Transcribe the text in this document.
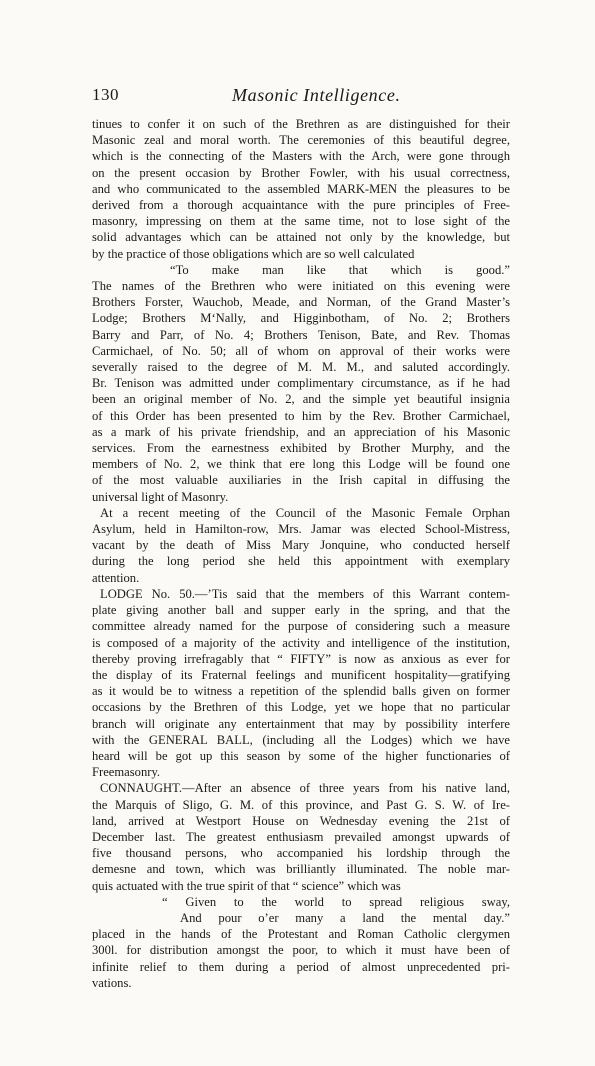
130	Masonic Intelligence.

tinues to confer it on such of the Brethren as are distinguished for their

Masonic zeal and moral worth. The ceremonies of this beautiful degree,

which is the connecting of the Masters with the Arch, were gone through

on the present occasion by Brother Fowler, with his usual correctness,

and who communicated to the assembled MARK-MEN the pleasures to be

derived from a thorough acquaintance with the pure principles of Free-

masonry, impressing on them at the same time, not to lose sight of the

solid advantages which can be attained not only by the knowledge, but

by the practice of those obligations which are so well calculated

“To make man like that which is good.”

The names of the Brethren who were initiated on this evening were

Brothers Forster, Wauchob, Meade, and Norman, of the Grand Master’s

Lodge; Brothers M‘Nally, and Higginbotham, of No. 2; Brothers

Barry and Parr, of No. 4; Brothers Tenison, Bate, and Rev. Thomas

Carmichael, of No. 50; all of whom on approval of their works were

severally raised to the degree of M. M. M., and saluted accordingly.

Br. Tenison was admitted under complimentary circumstance, as if he had

been an original member of No. 2, and the simple yet beautiful insignia

of this Order has been presented to him by the Rev. Brother Carmichael,

as a mark of his private friendship, and an appreciation of his Masonic

services. From the earnestness exhibited by Brother Murphy, and the

members of No. 2, we think that ere long this Lodge will be found one

of the most valuable auxiliaries in the Irish capital in diffusing the

universal light of Masonry.

At a recent meeting of the Council of the Masonic Female Orphan

Asylum, held in Hamilton-row, Mrs. Jamar was elected School-Mistress,

vacant by the death of Miss Mary Jonquine, who conducted herself

during the long period she held this appointment with exemplary

attention.

LODGE No. 50.—’Tis said that the members of this Warrant contem-

plate giving another ball and supper early in the spring, and that the

committee already named for the purpose of considering such a measure

is composed of a majority of the activity and intelligence of the institution,

thereby proving irrefragably that “ FIFTY” is now as anxious as ever for

the display of its Fraternal feelings and munificent hospitality—gratifying

as it would be to witness a repetition of the splendid balls given on former

occasions by the Brethren of this Lodge, yet we hope that no particular

branch will originate any entertainment that may by possibility interfere

with the GENERAL BALL, (including all the Lodges) which we have

heard will be got up this season by some of the higher functionaries of

Freemasonry.

CONNAUGHT.—After an absence of three years from his native land,

the Marquis of Sligo, G. M. of this province, and Past G. S. W. of Ire-

land, arrived at Westport House on Wednesday evening the 21st of

December last. The greatest enthusiasm prevailed amongst upwards of

five thousand persons, who accompanied his lordship through the

demesne and town, which was brilliantly illuminated. The noble mar-

quis actuated with the true spirit of that “ science” which was

“ Given to the world to spread religious sway,

And pour o’er many a land the mental day.”

placed in the hands of the Protestant and Roman Catholic clergymen

300l. for distribution amongst the poor, to which it must have been of

infinite relief to them during a period of almost unprecedented pri-

vations.
